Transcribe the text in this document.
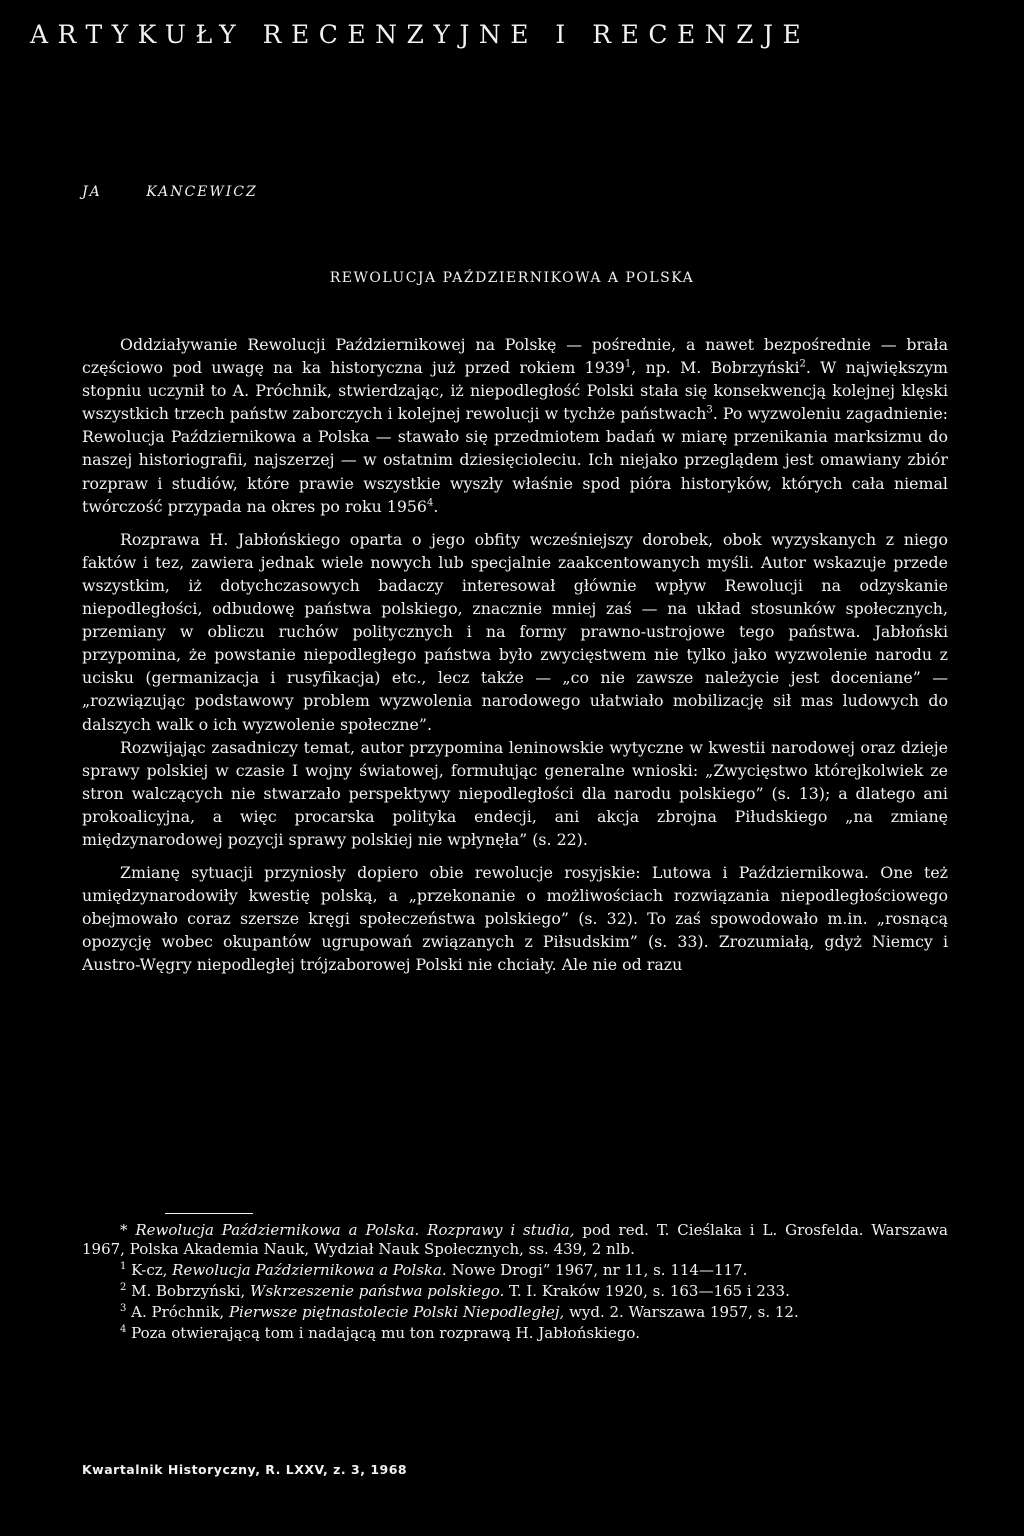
ARTYKUŁY RECENZYJNE I RECENZJE
JA	KANCEWICZ
REWOLUCJA PAŹDZIERNIKOWA A POLSKA

Oddziaływanie Rewolucji Październikowej na Polskę — pośrednie, a nawet bezpośrednie — brała częściowo pod uwagę na ka historyczna już przed rokiem 1939$^1$, np. M. Bobrzyński$^2$. W największym stopniu uczynił to A. Próchnik, stwierdzając, iż niepodległość Polski stała się konsekwencją kolejnej klęski wszystkich trzech państw zaborczych i kolejnej rewolucji w tychże państwach$^3$. Po wyzwoleniu zagadnienie: Rewolucja Październikowa a Polska — stawało się przedmiotem badań w miarę przenikania marksizmu do naszej historiografii, najszerzej — w ostatnim dziesięcioleciu. Ich niejako przeglądem jest omawiany zbiór rozpraw i studiów, które prawie wszystkie wyszły właśnie spod pióra historyków, których cała niemal twórczość przypada na okres po roku 1956$^4$.

Rozprawa H. Jabłońskiego oparta o jego obfity wcześniejszy dorobek, obok wyzyskanych z niego faktów i tez, zawiera jednak wiele nowych lub specjalnie zaakcentowanych myśli. Autor wskazuje przede wszystkim, iż dotychczasowych badaczy interesował głównie wpływ Rewolucji na odzyskanie niepodległości, odbudowę państwa polskiego, znacznie mniej zaś — na układ stosunków społecznych, przemiany w obliczu ruchów politycznych i na formy prawno-ustrojowe tego państwa. Jabłoński przypomina, że powstanie niepodległego państwa było zwycięstwem nie tylko jako wyzwolenie narodu z ucisku (germanizacja i rusyfikacja) etc., lecz także — „co nie zawsze należycie jest doceniane” — „rozwiązując podstawowy problem wyzwolenia narodowego ułatwiało mobilizację sił mas ludowych do dalszych walk o ich wyzwolenie społeczne”.

Rozwijając zasadniczy temat, autor przypomina leninowskie wytyczne w kwestii narodowej oraz dzieje sprawy polskiej w czasie I wojny światowej, formułując generalne wnioski: „Zwycięstwo którejkolwiek ze stron walczących nie stwarzało perspektywy niepodległości dla narodu polskiego” (s. 13); a dlatego ani prokoalicyjna, a więc procarska polityka endecji, ani akcja zbrojna Piłudskiego „na zmianę międzynarodowej pozycji sprawy polskiej nie wpłynęła” (s. 22).

Zmianę sytuacji przyniosły dopiero obie rewolucje rosyjskie: Lutowa i Październikowa. One też umiędzynarodowiły kwestię polską, a „przekonanie o możliwościach rozwiązania niepodległościowego obejmowało coraz szersze kręgi społeczeństwa polskiego” (s. 32). To zaś spowodowało m.in. „rosnącą opozycję wobec okupantów ugrupowań związanych z Piłsudskim” (s. 33). Zrozumiałą, gdyż Niemcy i Austro-Węgry niepodległej trójzaborowej Polski nie chciały. Ale nie od razu

* Rewolucja Październikowa a Polska. Rozprawy i studia, pod red. T. Cieślaka i L. Grosfelda. Warszawa 1967, Polska Akademia Nauk, Wydział Nauk Społecznych, ss. 439, 2 nlb.

$^1$ K-cz, Rewolucja Październikowa a Polska. Nowe Drogi” 1967, nr 11, s. 114—117.

$^2$ M. Bobrzyński, Wskrzeszenie państwa polskiego. T. I. Kraków 1920, s. 163—165 i 233.

$^3$ A. Próchnik, Pierwsze piętnastolecie Polski Niepodległej, wyd. 2. Warszawa 1957, s. 12.

$^4$ Poza otwierającą tom i nadającą mu ton rozprawą H. Jabłońskiego.

Kwartalnik Historyczny, R. LXXV, z. 3, 1968
